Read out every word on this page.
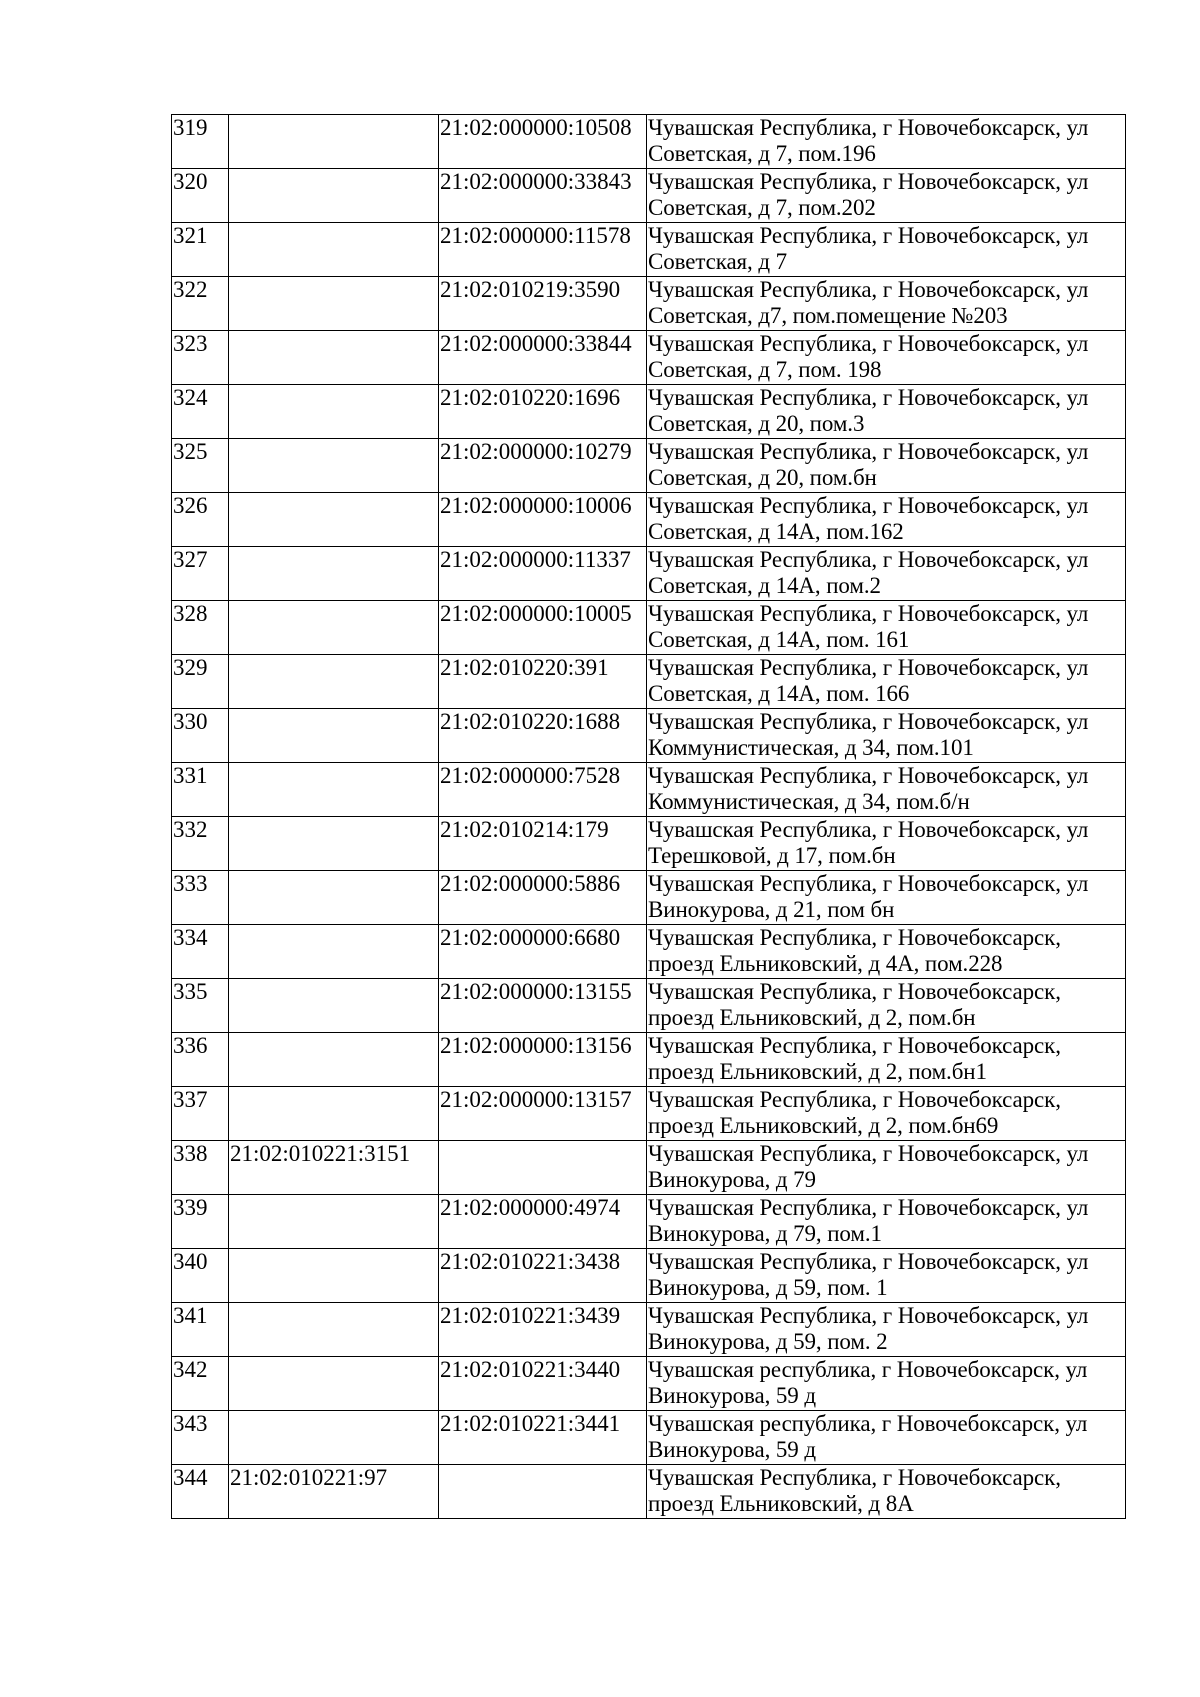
319		21:02:000000:10508	Чувашская Республика, г Новочебоксарск, ул Советская, д 7, пом.196
320		21:02:000000:33843	Чувашская Республика, г Новочебоксарск, ул Советская, д 7, пом.202
321		21:02:000000:11578	Чувашская Республика, г Новочебоксарск, ул Советская, д 7
322		21:02:010219:3590	Чувашская Республика, г Новочебоксарск, ул Советская, д7, пом.помещение №203
323		21:02:000000:33844	Чувашская Республика, г Новочебоксарск, ул Советская, д 7, пом. 198
324		21:02:010220:1696	Чувашская Республика, г Новочебоксарск, ул Советская, д 20, пом.3
325		21:02:000000:10279	Чувашская Республика, г Новочебоксарск, ул Советская, д 20, пом.бн
326		21:02:000000:10006	Чувашская Республика, г Новочебоксарск, ул Советская, д 14А, пом.162
327		21:02:000000:11337	Чувашская Республика, г Новочебоксарск, ул Советская, д 14А, пом.2
328		21:02:000000:10005	Чувашская Республика, г Новочебоксарск, ул Советская, д 14А, пом. 161
329		21:02:010220:391	Чувашская Республика, г Новочебоксарск, ул Советская, д 14А, пом. 166
330		21:02:010220:1688	Чувашская Республика, г Новочебоксарск, ул Коммунистическая, д 34, пом.101
331		21:02:000000:7528	Чувашская Республика, г Новочебоксарск, ул Коммунистическая, д 34, пом.б/н
332		21:02:010214:179	Чувашская Республика, г Новочебоксарск, ул Терешковой, д 17, пом.бн
333		21:02:000000:5886	Чувашская Республика, г Новочебоксарск, ул Винокурова, д 21, пом бн
334		21:02:000000:6680	Чувашская Республика, г Новочебоксарск, проезд Ельниковский, д 4А, пом.228
335		21:02:000000:13155	Чувашская Республика, г Новочебоксарск, проезд Ельниковский, д 2, пом.бн
336		21:02:000000:13156	Чувашская Республика, г Новочебоксарск, проезд Ельниковский, д 2, пом.бн1
337		21:02:000000:13157	Чувашская Республика, г Новочебоксарск, проезд Ельниковский, д 2, пом.бн69
338	21:02:010221:3151		Чувашская Республика, г Новочебоксарск, ул Винокурова, д 79
339		21:02:000000:4974	Чувашская Республика, г Новочебоксарск, ул Винокурова, д 79, пом.1
340		21:02:010221:3438	Чувашская Республика, г Новочебоксарск, ул Винокурова, д 59, пом. 1
341		21:02:010221:3439	Чувашская Республика, г Новочебоксарск, ул Винокурова, д 59, пом. 2
342		21:02:010221:3440	Чувашская республика, г Новочебоксарск, ул Винокурова, 59 д
343		21:02:010221:3441	Чувашская республика, г Новочебоксарск, ул Винокурова, 59 д
344	21:02:010221:97		Чувашская Республика, г Новочебоксарск, проезд Ельниковский, д 8А
